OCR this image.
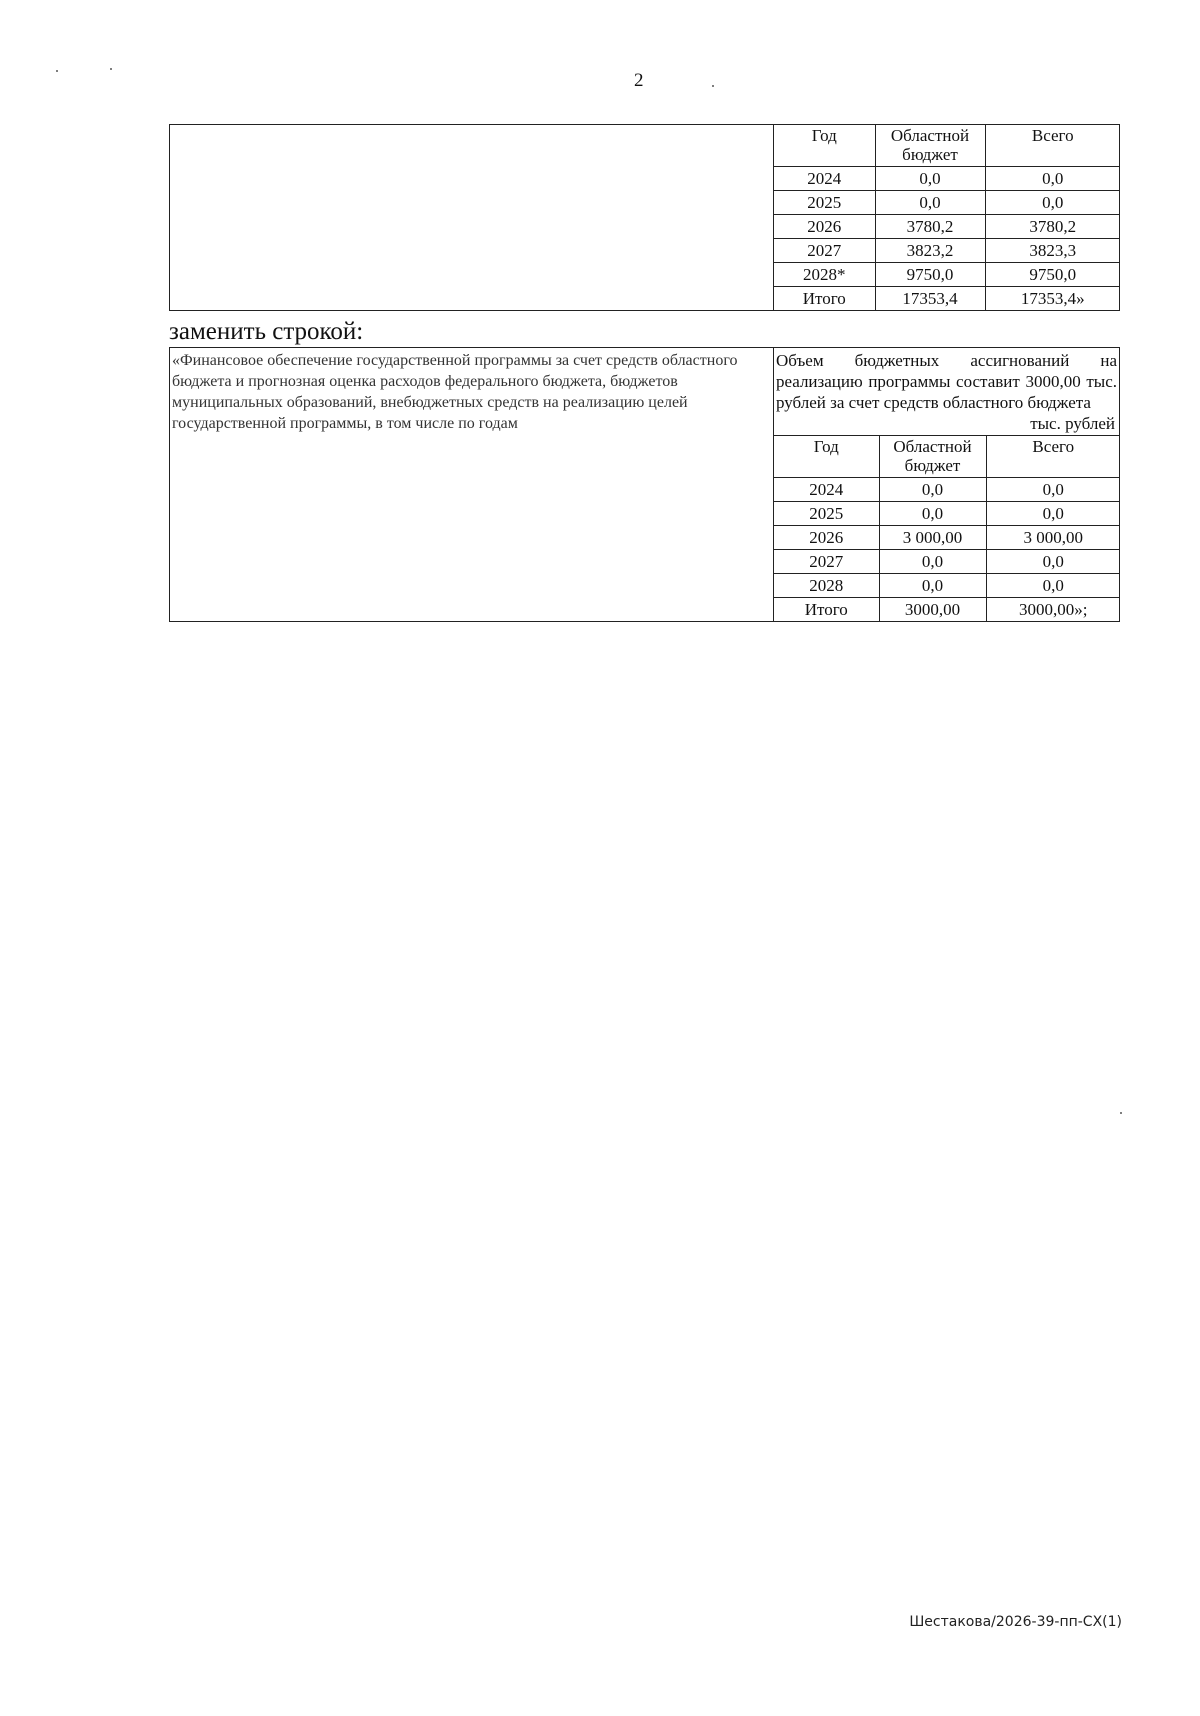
2

Год	Областной бюджет	Всего
2024	0,0	0,0
2025	0,0	0,0
2026	3780,2	3780,2
2027	3823,2	3823,3
2028*	9750,0	9750,0
Итого	17353,4	17353,4»
заменить строкой:
«Финансовое обеспечение государственной программы за счет средств областного бюджета и прогнозная оценка расходов федерального бюджета, бюджетов муниципальных образований, внебюджетных средств на реализацию целей государственной программы, в том числе по годам

Объем бюджетных ассигнований на реализацию программы составит 3000,00 тыс. рублей за счет средств областного бюджета
тыс. рублей
Год	Областной бюджет	Всего
2024	0,0	0,0
2025	0,0	0,0
2026	3 000,00	3 000,00
2027	0,0	0,0
2028	0,0	0,0
Итого	3000,00	3000,00»;
Шестакова/2026-39-пп-СХ(1)
